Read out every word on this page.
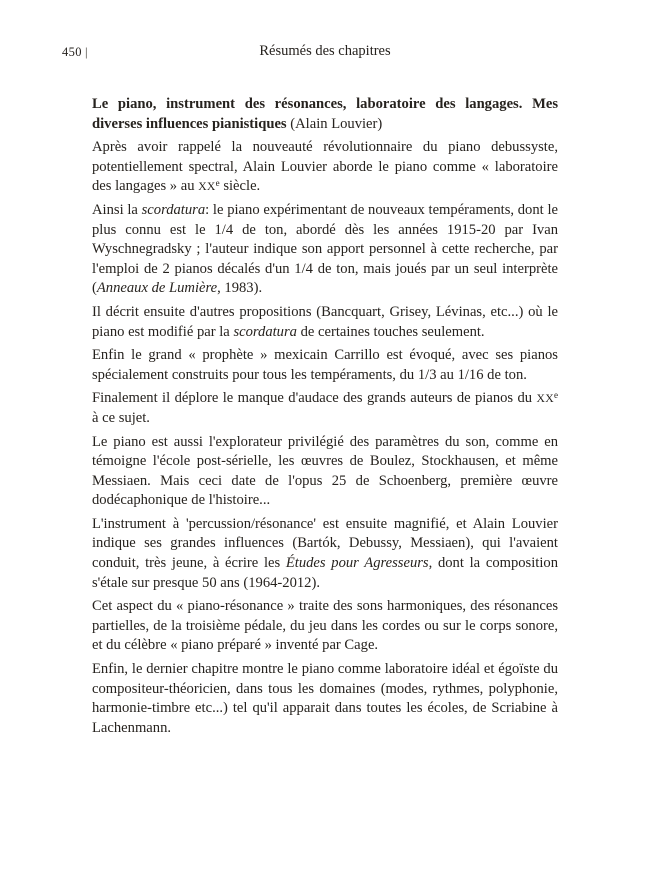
450 |	Résumés des chapitres

Le piano, instrument des résonances, laboratoire des langages. Mes diverses influences pianistiques (Alain Louvier)

Après avoir rappelé la nouveauté révolutionnaire du piano debussyste, potentiellement spectral, Alain Louvier aborde le piano comme « laboratoire des langages » au XXe siècle.

Ainsi la scordatura: le piano expérimentant de nouveaux tempéraments, dont le plus connu est le 1/4 de ton, abordé dès les années 1915-20 par Ivan Wyschnegradsky ; l'auteur indique son apport personnel à cette recherche, par l'emploi de 2 pianos décalés d'un 1/4 de ton, mais joués par un seul interprète (Anneaux de Lumière, 1983).

Il décrit ensuite d'autres propositions (Bancquart, Grisey, Lévinas, etc...) où le piano est modifié par la scordatura de certaines touches seulement.

Enfin le grand « prophète » mexicain Carrillo est évoqué, avec ses pianos spécialement construits pour tous les tempéraments, du 1/3 au 1/16 de ton.

Finalement il déplore le manque d'audace des grands auteurs de pianos du XXe à ce sujet.

Le piano est aussi l'explorateur privilégié des paramètres du son, comme en témoigne l'école post-sérielle, les œuvres de Boulez, Stockhausen, et même Messiaen. Mais ceci date de l'opus 25 de Schoenberg, première œuvre dodécaphonique de l'histoire...

L'instrument à 'percussion/résonance' est ensuite magnifié, et Alain Louvier indique ses grandes influences (Bartók, Debussy, Messiaen), qui l'avaient conduit, très jeune, à écrire les Études pour Agresseurs, dont la composition s'étale sur presque 50 ans (1964-2012).

Cet aspect du « piano-résonance » traite des sons harmoniques, des résonances partielles, de la troisième pédale, du jeu dans les cordes ou sur le corps sonore, et du célèbre « piano préparé » inventé par Cage.

Enfin, le dernier chapitre montre le piano comme laboratoire idéal et égoïste du compositeur-théoricien, dans tous les domaines (modes, rythmes, polyphonie, harmonie-timbre etc...) tel qu'il apparait dans toutes les écoles, de Scriabine à Lachenmann.
